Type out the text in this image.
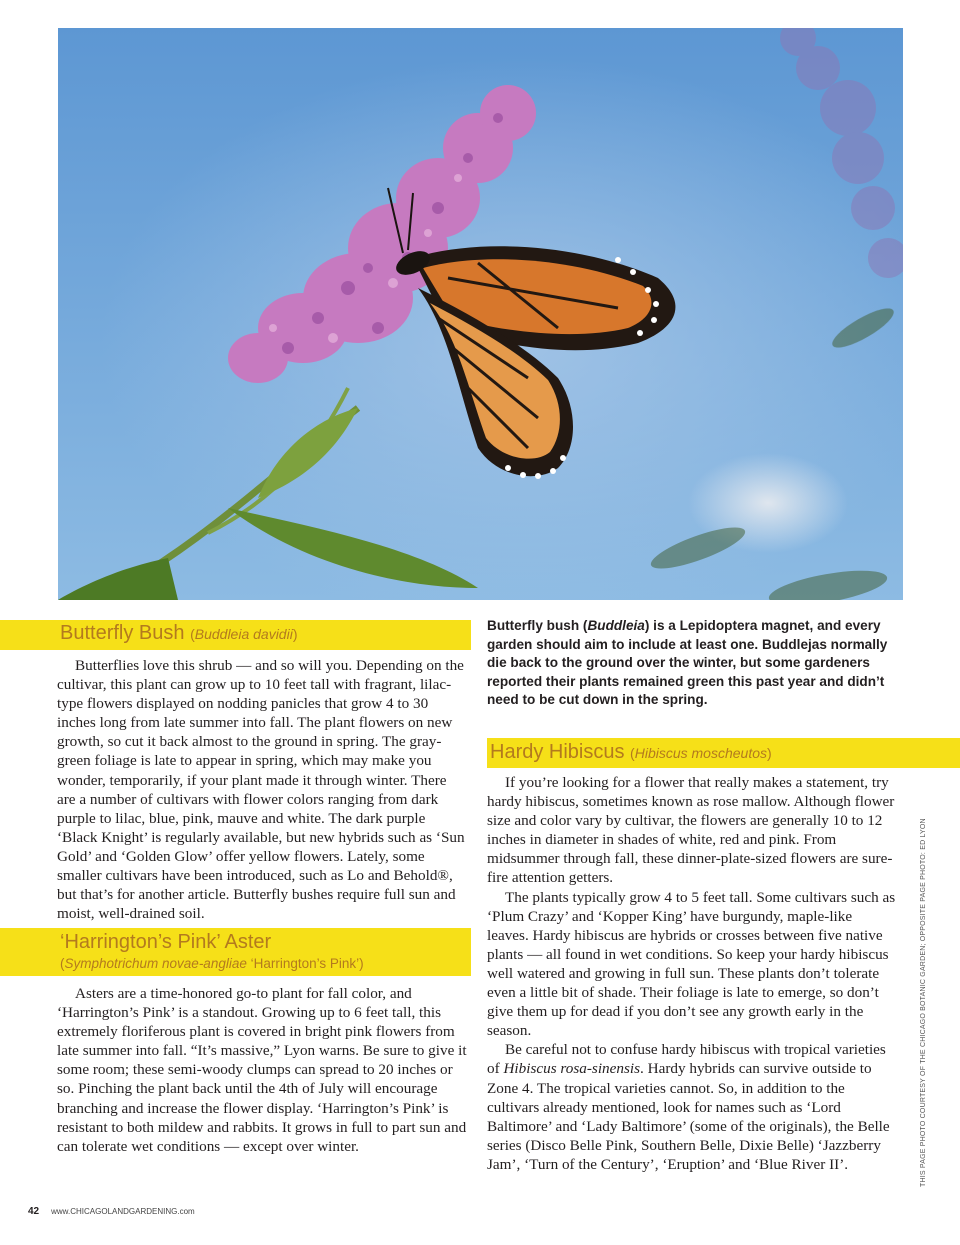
Butterfly Bush (Buddleia davidii)

Butterflies love this shrub — and so will you. Depending on the cultivar, this plant can grow up to 10 feet tall with fragrant, lilac-type flowers displayed on nodding panicles that grow 4 to 30 inches long from late summer into fall. The plant flowers on new growth, so cut it back almost to the ground in spring. The gray-green foliage is late to appear in spring, which may make you wonder, temporarily, if your plant made it through winter. There are a number of cultivars with flower colors ranging from dark purple to lilac, blue, pink, mauve and white. The dark purple ‘Black Knight’ is regularly available, but new hybrids such as ‘Sun Gold’ and ‘Golden Glow’ offer yellow flowers. Lately, some smaller cultivars have been introduced, such as Lo and Behold®, but that’s for another article. Butterfly bushes require full sun and moist, well-drained soil.

‘Harrington’s Pink’ Aster
(Symphotrichum novae-angliae ‘Harrington’s Pink’)

Asters are a time-honored go-to plant for fall color, and ‘Harrington’s Pink’ is a standout. Growing up to 6 feet tall, this extremely floriferous plant is covered in bright pink flowers from late summer into fall. “It’s massive,” Lyon warns. Be sure to give it some room; these semi-woody clumps can spread to 20 inches or so. Pinching the plant back until the 4th of July will encourage branching and increase the flower display. ‘Harrington’s Pink’ is resistant to both mildew and rabbits. It grows in full to part sun and can tolerate wet conditions — except over winter.

Butterfly bush (Buddleia) is a Lepidoptera magnet, and every garden should aim to include at least one. Buddlejas normally die back to the ground over the winter, but some gardeners reported their plants remained green this past year and didn’t need to be cut down in the spring.
Hardy Hibiscus (Hibiscus moscheutos)

If you’re looking for a flower that really makes a statement, try hardy hibiscus, sometimes known as rose mallow. Although flower size and color vary by cultivar, the flowers are generally 10 to 12 inches in diameter in shades of white, red and pink. From midsummer through fall, these dinner-plate-sized flowers are sure-fire attention getters.

The plants typically grow 4 to 5 feet tall. Some cultivars such as ‘Plum Crazy’ and ‘Kopper King’ have burgundy, maple-like leaves. Hardy hibiscus are hybrids or crosses between five native plants — all found in wet conditions. So keep your hardy hibiscus well watered and growing in full sun. These plants don’t tolerate even a little bit of shade. Their foliage is late to emerge, so don’t give them up for dead if you don’t see any growth early in the season.

Be careful not to confuse hardy hibiscus with tropical varieties of Hibiscus rosa-sinensis. Hardy hybrids can survive outside to Zone 4. The tropical varieties cannot. So, in addition to the cultivars already mentioned, look for names such as ‘Lord Baltimore’ and ‘Lady Baltimore’ (some of the originals), the Belle series (Disco Belle Pink, Southern Belle, Dixie Belle) ‘Jazzberry Jam’, ‘Turn of the Century’, ‘Eruption’ and ‘Blue River II’.	THIS PAGE PHOTO COURTESY OF THE CHICAGO BOTANIC GARDEN; OPPOSITE PAGE PHOTO: ED LYON
42 www.CHICAGOLANDGARDENING.com
